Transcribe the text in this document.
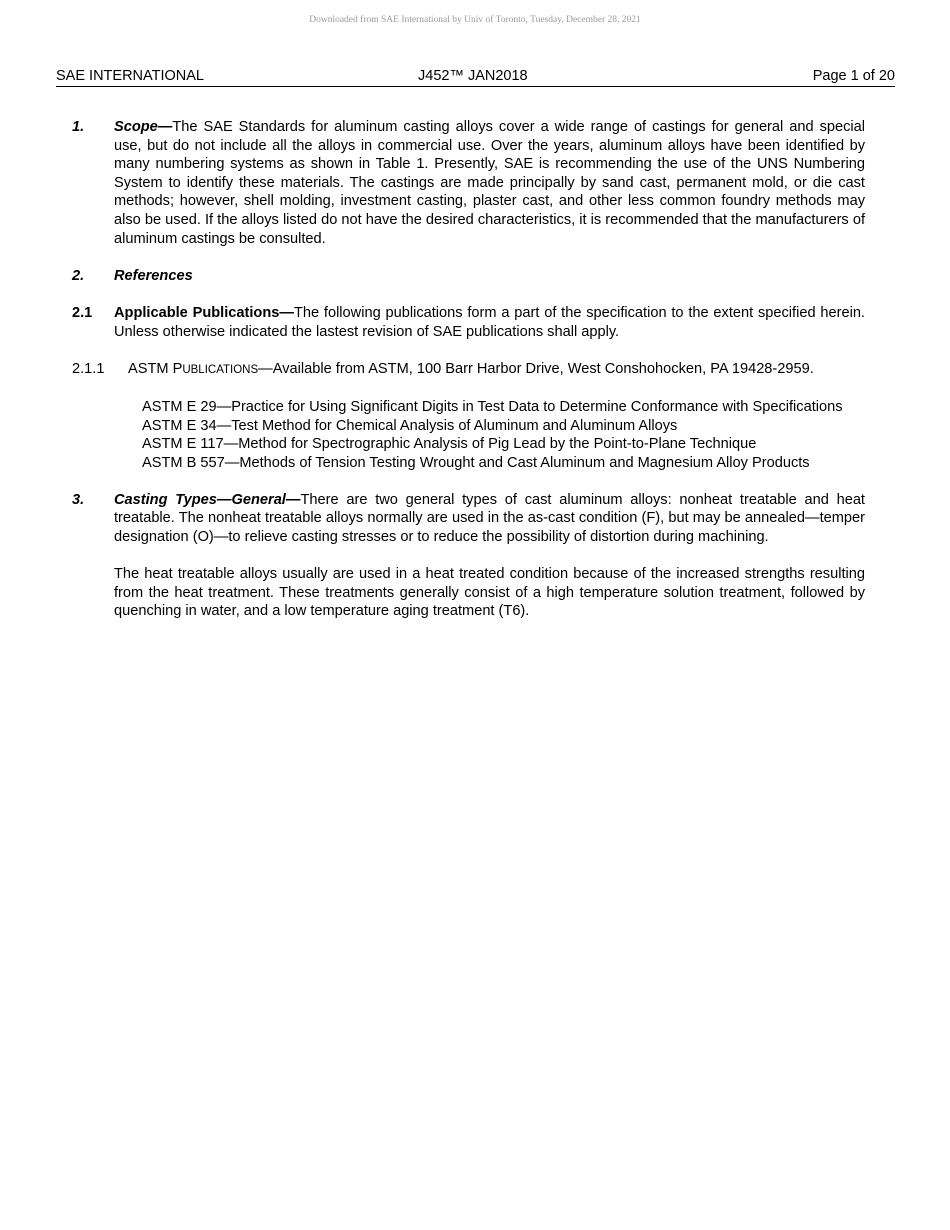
Downloaded from SAE International by Univ of Toronto, Tuesday, December 28, 2021
SAE INTERNATIONAL	J452™ JAN2018	Page 1 of 20
1. Scope—The SAE Standards for aluminum casting alloys cover a wide range of castings for general and special use, but do not include all the alloys in commercial use. Over the years, aluminum alloys have been identified by many numbering systems as shown in Table 1. Presently, SAE is recommending the use of the UNS Numbering System to identify these materials. The castings are made principally by sand cast, permanent mold, or die cast methods; however, shell molding, investment casting, plaster cast, and other less common foundry methods may also be used. If the alloys listed do not have the desired characteristics, it is recommended that the manufacturers of aluminum castings be consulted.
2. References
2.1 Applicable Publications—The following publications form a part of the specification to the extent specified herein. Unless otherwise indicated the lastest revision of SAE publications shall apply.
2.1.1 ASTM PUBLICATIONS—Available from ASTM, 100 Barr Harbor Drive, West Conshohocken, PA 19428-2959.
ASTM E 29—Practice for Using Significant Digits in Test Data to Determine Conformance with Specifications
ASTM E 34—Test Method for Chemical Analysis of Aluminum and Aluminum Alloys
ASTM E 117—Method for Spectrographic Analysis of Pig Lead by the Point-to-Plane Technique
ASTM B 557—Methods of Tension Testing Wrought and Cast Aluminum and Magnesium Alloy Products
3. Casting Types—General—There are two general types of cast aluminum alloys: nonheat treatable and heat treatable. The nonheat treatable alloys normally are used in the as-cast condition (F), but may be annealed—temper designation (O)—to relieve casting stresses or to reduce the possibility of distortion during machining.
The heat treatable alloys usually are used in a heat treated condition because of the increased strengths resulting from the heat treatment. These treatments generally consist of a high temperature solution treatment, followed by quenching in water, and a low temperature aging treatment (T6).
